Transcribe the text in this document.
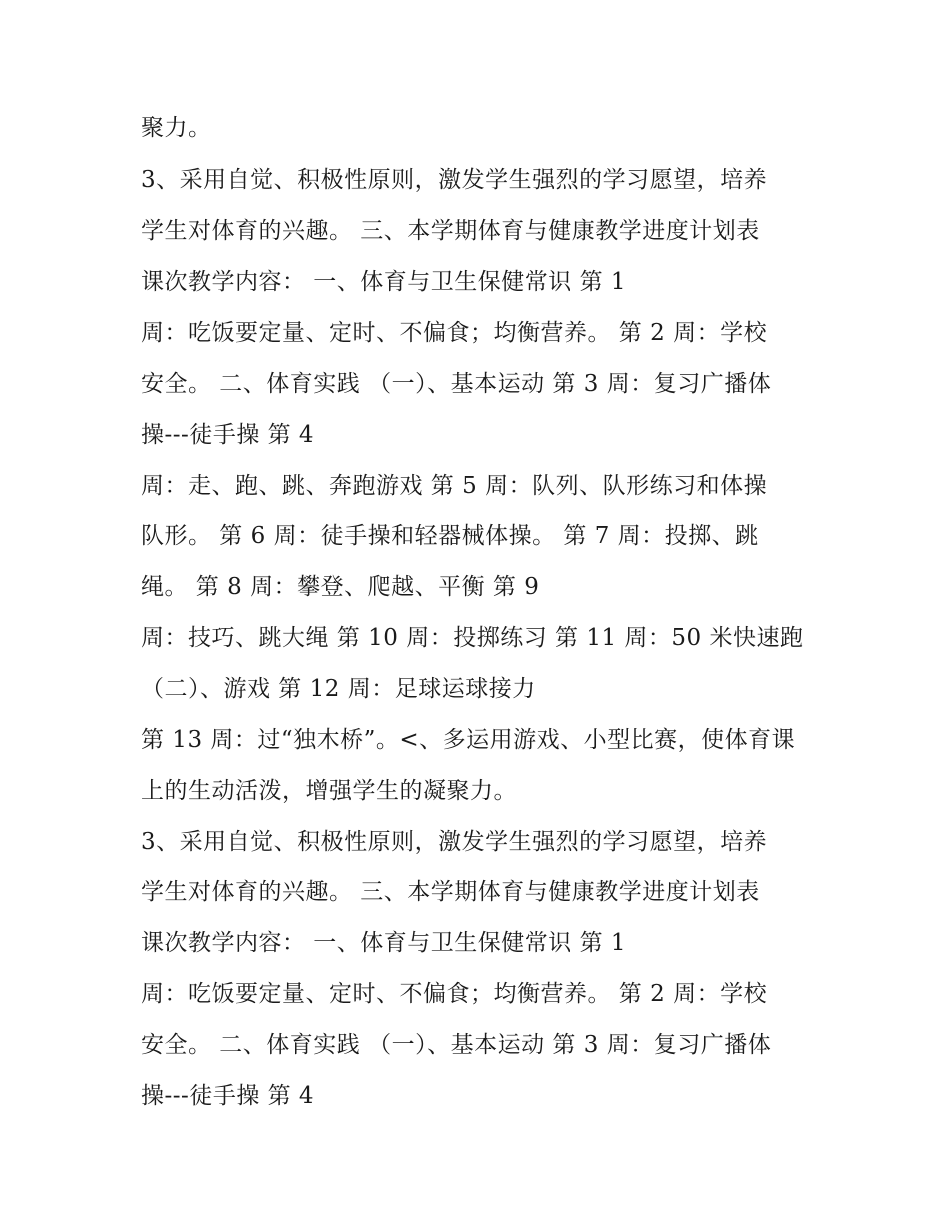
聚力。
3、采用自觉、积极性原则，激发学生强烈的学习愿望，培养
学生对体育的兴趣。 三、本学期体育与健康教学进度计划表
课次教学内容： 一、体育与卫生保健常识 第 1
周：吃饭要定量、定时、不偏食；均衡营养。 第 2 周：学校
安全。 二、体育实践 （一）、基本运动 第 3 周：复习广播体
操---徒手操 第 4
周：走、跑、跳、奔跑游戏 第 5 周：队列、队形练习和体操
队形。 第 6 周：徒手操和轻器械体操。 第 7 周：投掷、跳
绳。 第 8 周：攀登、爬越、平衡 第 9
周：技巧、跳大绳 第 10 周：投掷练习 第 11 周：50 米快速跑
（二）、游戏 第 12 周：足球运球接力
第 13 周：过“独木桥”。<、多运用游戏、小型比赛，使体育课
上的生动活泼，增强学生的凝聚力。
3、采用自觉、积极性原则，激发学生强烈的学习愿望，培养
学生对体育的兴趣。 三、本学期体育与健康教学进度计划表
课次教学内容： 一、体育与卫生保健常识 第 1
周：吃饭要定量、定时、不偏食；均衡营养。 第 2 周：学校
安全。 二、体育实践 （一）、基本运动 第 3 周：复习广播体
操---徒手操 第 4
